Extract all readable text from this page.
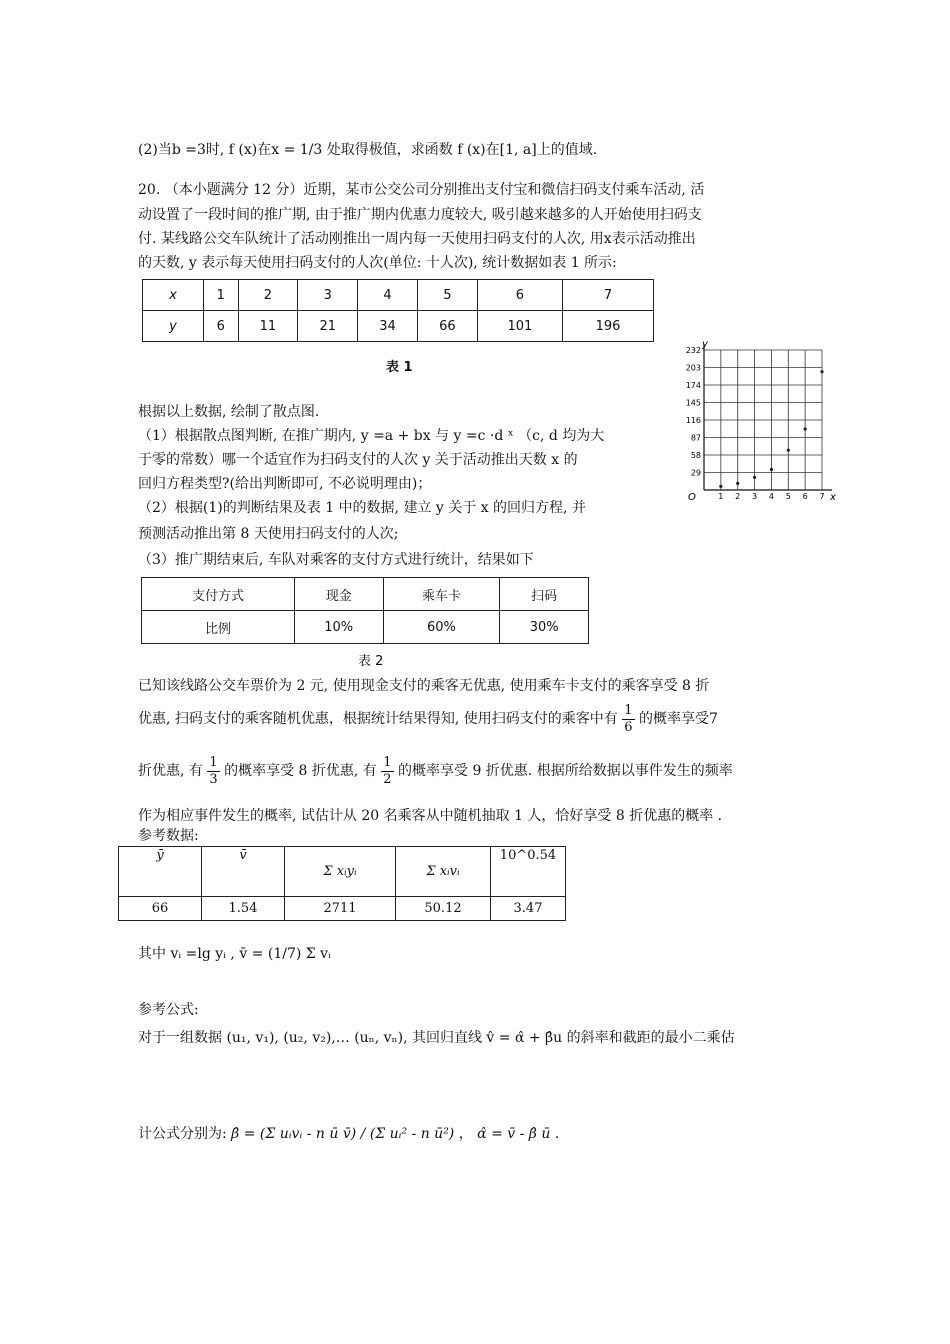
(2)当b =3时, f (x)在x = 1/3 处取得极值，求函数 f (x)在[1, a]上的值域.
20. （本小题满分 12 分）近期，某市公交公司分别推出支付宝和微信扫码支付乘车活动, 活
动设置了一段时间的推广期, 由于推广期内优惠力度较大, 吸引越来越多的人开始使用扫码支
付. 某线路公交车队统计了活动刚推出一周内每一天使用扫码支付的人次, 用x表示活动推出
的天数, y 表示每天使用扫码支付的人次(单位: 十人次), 统计数据如表 1 所示:
x	1	2	3	4	5	6	7
y	6	11	21	34	66	101	196
表 1
29
58
87
116
145
174
203
232
1 2 3 4 5 6 7
O	x
y
根据以上数据, 绘制了散点图.
（1）根据散点图判断, 在推广期内, y =a + bx 与 y =c ·d ˣ （c, d 均为大
于零的常数）哪一个适宜作为扫码支付的人次 y 关于活动推出天数 x 的
回归方程类型?(给出判断即可, 不必说明理由)；
（2）根据(1)的判断结果及表 1 中的数据, 建立 y 关于 x 的回归方程, 并
预测活动推出第 8 天使用扫码支付的人次;
（3）推广期结束后, 车队对乘客的支付方式进行统计，结果如下
支付方式	现金	乘车卡	扫码
比例	10%	60%	30%
表 2
已知该线路公交车票价为 2 元, 使用现金支付的乘客无优惠, 使用乘车卡支付的乘客享受 8 折
优惠, 扫码支付的乘客随机优惠，根据统计结果得知, 使用扫码支付的乘客中有 $\frac{1}{6}$ 的概率享受7
折优惠, 有 $\frac{1}{3}$ 的概率享受 8 折优惠, 有 $\frac{1}{2}$ 的概率享受 9 折优惠. 根据所给数据以事件发生的频率
作为相应事件发生的概率, 试估计从 20 名乘客从中随机抽取 1 人，恰好享受 8 折优惠的概率 .
参考数据:
ȳ	v̄	Σ xᵢyᵢ	Σ xᵢvᵢ	10^0.54
66	1.54	2711	50.12	3.47
其中 vᵢ =lg yᵢ , v̄ = (1/7) Σ vᵢ
参考公式:
对于一组数据 (u₁, v₁), (u₂, v₂),… (uₙ, vₙ), 其回归直线 v̂ = α̂ + β̂u 的斜率和截距的最小二乘估
计公式分别为: β̂ = (Σ uᵢvᵢ - n ū v̄) / (Σ uᵢ² - n ū²) ， α̂ = v̄ - β̂ ū .
